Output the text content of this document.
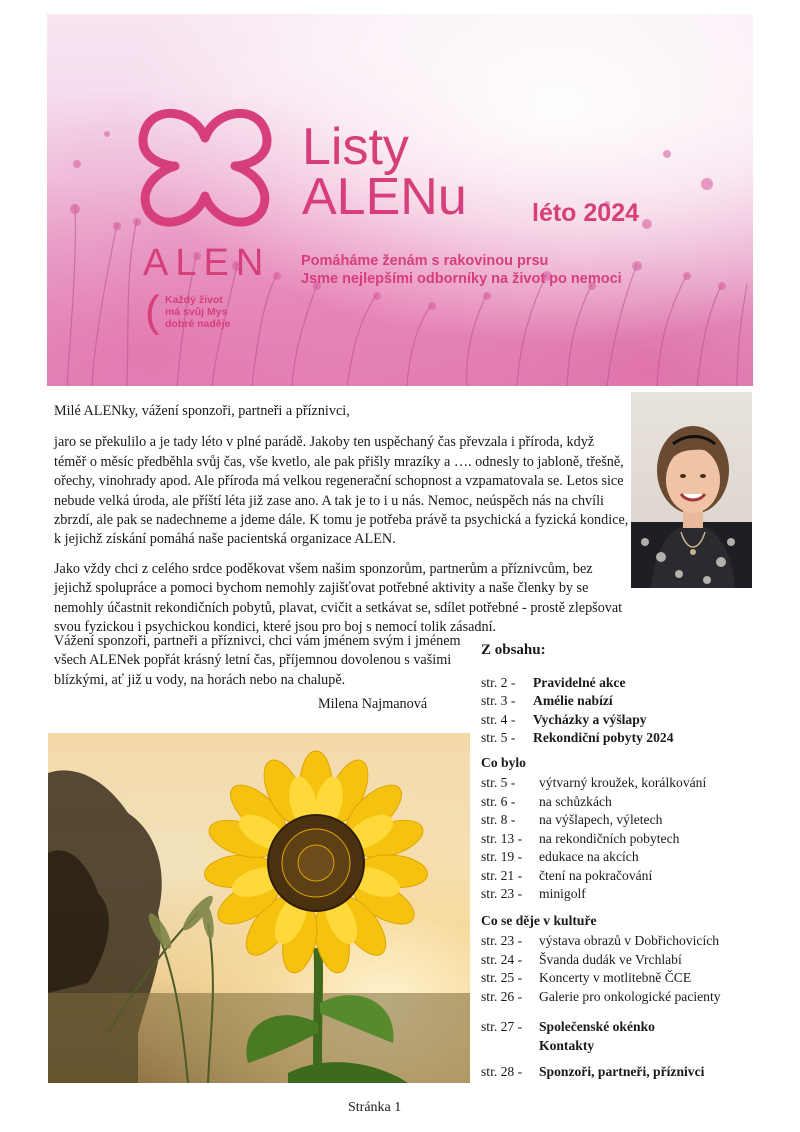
ALEN
( Každý život
má svůj Mys
dobré naděje
Listy
ALENu	léto 2024
Pomáháme ženám s rakovinou prsu
Jsme nejlepšími odborníky na život po nemoci

Milé ALENky, vážení sponzoři, partneři a příznivci,

jaro se překulilo a je tady léto v plné parádě. Jakoby ten uspěchaný čas převzala i příroda, když téměř o měsíc předběhla svůj čas, vše kvetlo, ale pak přišly mrazíky a …. odnesly to jabloně, třešně, ořechy, vinohrady apod. Ale příroda má velkou regenerační schopnost a vzpamatovala se. Letos sice nebude velká úroda, ale příští léta již zase ano. A tak je to i u nás. Nemoc, neúspěch nás na chvíli zbrzdí, ale pak se nadechneme a jdeme dále. K tomu je potřeba právě ta psychická a fyzická kondice, k jejichž získání pomáhá naše pacientská organizace ALEN.

Jako vždy chci z celého srdce poděkovat všem našim sponzorům, partnerům a příznivcům, bez jejichž spolupráce a pomoci bychom nemohly zajišťovat potřebné aktivity a naše členky by se nemohly účastnit rekondičních pobytů, plavat, cvičit a setkávat se, sdílet potřebné - prostě zlepšovat svou fyzickou i psychickou kondici, které jsou pro boj s nemocí tolik zásadní.

Vážení sponzoři, partneři a příznivci, chci vám jménem svým i jménem všech ALENek popřát krásný letní čas, příjemnou dovolenou s vašimi blízkými, ať již u vody, na horách nebo na chalupě.

Milena Najmanová
Z obsahu:
str. 2 -	Pravidelné akce
str. 3 -	Amélie nabízí
str. 4 -	Vycházky a výšlapy
str. 5 -	Rekondiční pobyty 2024
Co bylo
str. 5 -	výtvarný kroužek, korálkování
str. 6 -	na schůzkách
str. 8 -	na výšlapech, výletech
str. 13 -	na rekondičních pobytech
str. 19 -	edukace na akcích
str. 21 -	čtení na pokračování
str. 23 -	minigolf
Co se děje v kultuře
str. 23 -	výstava obrazů v Dobřichovicích
str. 24 -	Švanda dudák ve Vrchlabí
str. 25 -	Koncerty v motlitebně ČCE
str. 26 -	Galerie pro onkologické pacienty
str. 27 -	Společenské okénko
Kontakty
str. 28 -	Sponzoři, partneři, příznivci
Stránka 1
